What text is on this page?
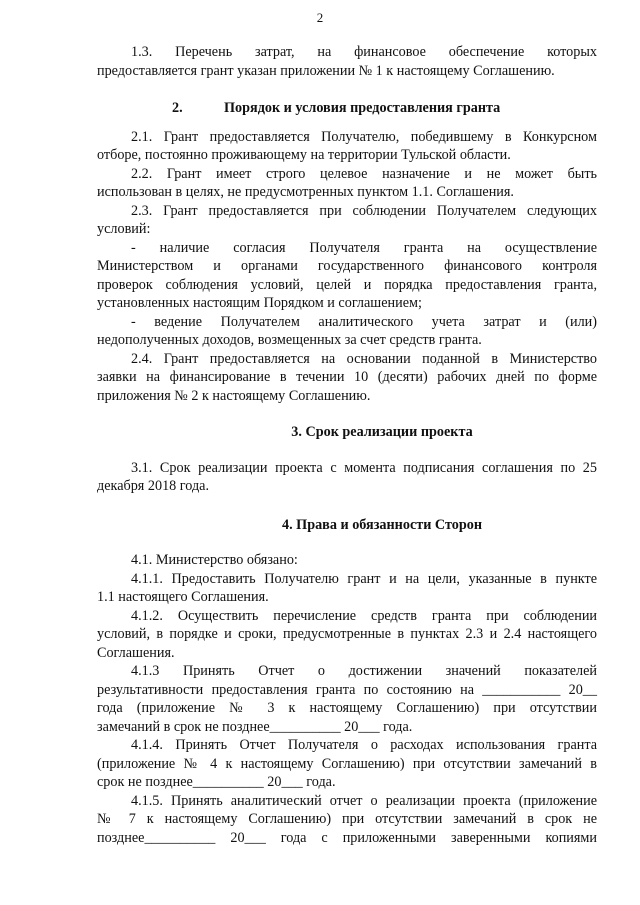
2

1.3. Перечень затрат, на финансовое обеспечение которых

предоставляется грант указан приложении № 1 к настоящему Соглашению.

2.	Порядок и условия предоставления гранта

2.1. Грант предоставляется Получателю, победившему в Конкурсном

отборе, постоянно проживающему на территории Тульской области.

2.2. Грант имеет строго целевое назначение и не может быть

использован в целях, не предусмотренных пунктом 1.1. Соглашения.

2.3. Грант предоставляется при соблюдении Получателем следующих

условий:

- наличие согласия Получателя гранта на осуществление

Министерством и органами государственного финансового контроля

проверок соблюдения условий, целей и порядка предоставления гранта,

установленных настоящим Порядком и соглашением;

- ведение Получателем аналитического учета затрат и (или)

недополученных доходов, возмещенных за счет средств гранта.

2.4. Грант предоставляется на основании поданной в Министерство

заявки на финансирование в течении 10 (десяти) рабочих дней по форме

приложения № 2 к настоящему Соглашению.

3. Срок реализации проекта

3.1. Срок реализации проекта с момента подписания соглашения по 25

декабря 2018 года.

4. Права и обязанности Сторон

4.1. Министерство обязано:

4.1.1. Предоставить Получателю грант и на цели, указанные в пункте

1.1 настоящего Соглашения.

4.1.2. Осуществить перечисление средств гранта при соблюдении

условий, в порядке и сроки, предусмотренные в пунктах 2.3 и 2.4 настоящего

Соглашения.

4.1.3 Принять Отчет о достижении значений показателей

результативности предоставления гранта по состоянию на ___________ 20__

года (приложение № 3 к настоящему Соглашению) при отсутствии

замечаний в срок не позднее__________ 20___ года.

4.1.4. Принять Отчет Получателя о расходах использования гранта

(приложение № 4 к настоящему Соглашению) при отсутствии замечаний в

срок не позднее__________ 20___ года.

4.1.5. Принять аналитический отчет о реализации проекта (приложение

№ 7 к настоящему Соглашению) при отсутствии замечаний в срок не

позднее__________ 20___ года с приложенными заверенными копиями
